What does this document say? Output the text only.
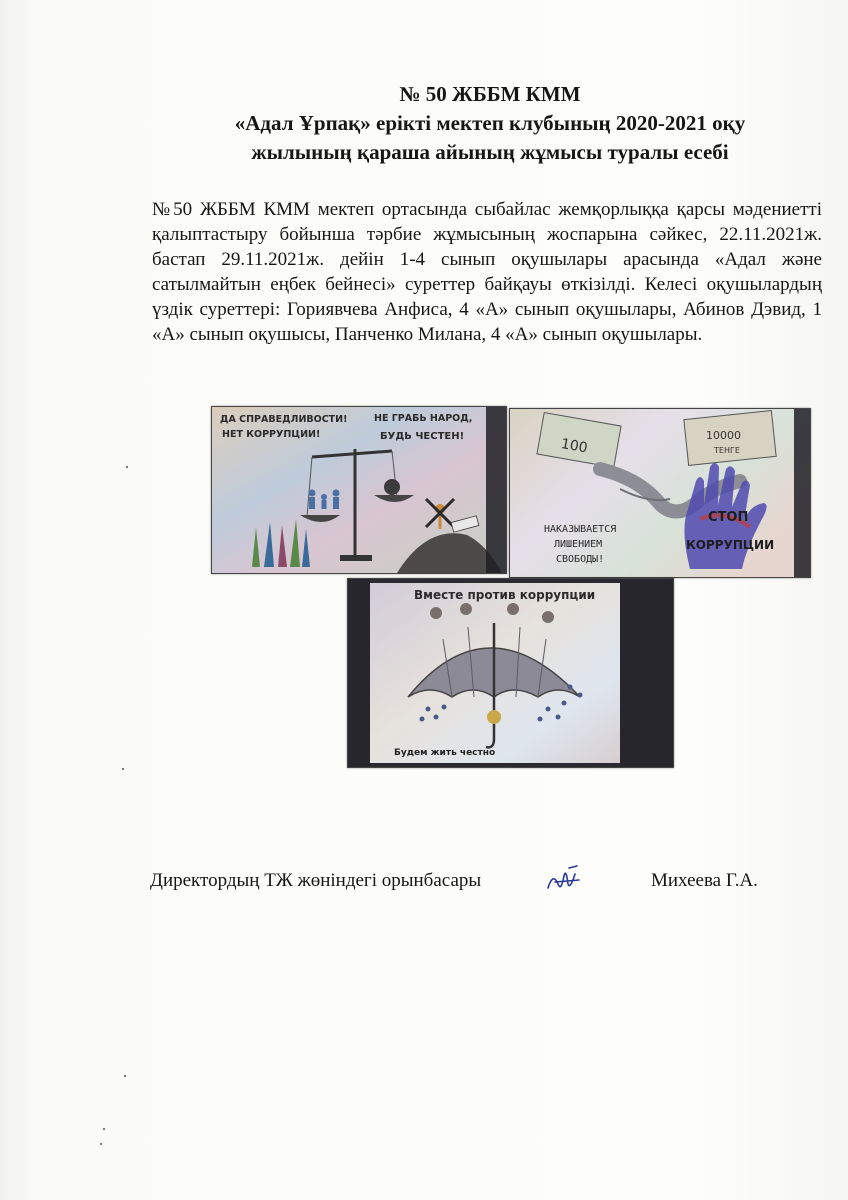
№ 50 ЖББМ КММ
«Адал Ұрпақ» ерікті мектеп клубының 2020-2021 оқу
жылының қараша айының жұмысы туралы есебі
№50 ЖББМ КММ мектеп ортасында сыбайлас жемқорлыққа қарсы мәдениетті қалыптастыру бойынша тәрбие жұмысының жоспарына сәйкес, 22.11.2021ж. бастап 29.11.2021ж. дейін 1-4 сынып оқушылары арасында «Адал және сатылмайтын еңбек бейнесі» суреттер байқауы өткізілді. Келесі оқушылардың үздік суреттері: Гориявчева Анфиса, 4 «А» сынып оқушылары, Абинов Дэвид, 1 «А» сынып оқушысы, Панченко Милана, 4 «А» сынып оқушылары.
ДА СПРАВЕДЛИВОСТИ!
НЕТ КОРРУПЦИИ!
НЕ ГРАБЬ НАРОД,
БУДЬ ЧЕСТЕН!	100
10000
ТЕНГЕ
НАКАЗЫВАЕТСЯ
ЛИШЕНИЕМ
СВОБОДЫ!
СТОП
КОРРУПЦИИ
Вместе против коррупции
Будем жить честно
Директордың ТЖ жөніндегі орынбасары	Михеева Г.А.
